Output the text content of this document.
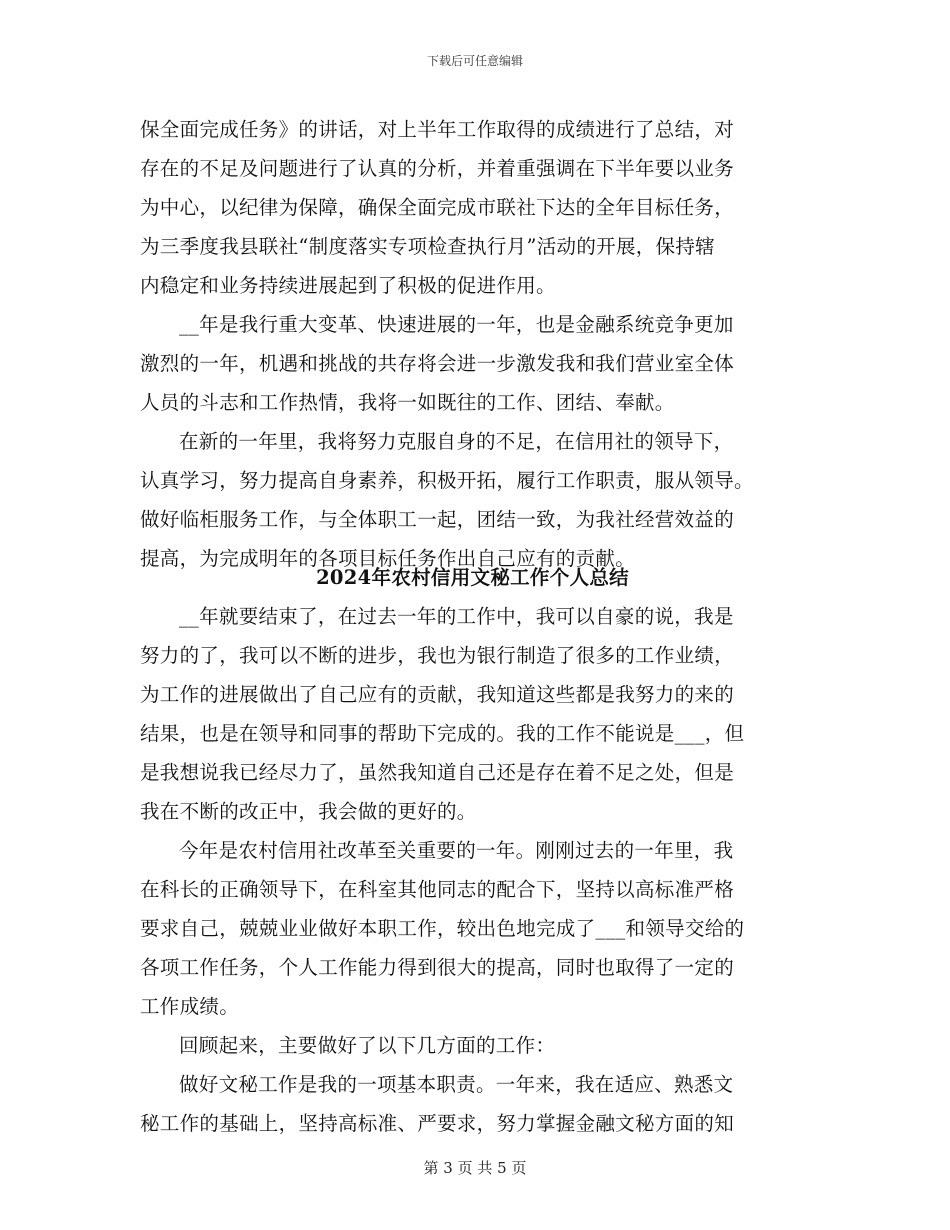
下载后可任意编辑

保全面完成任务》的讲话，对上半年工作取得的成绩进行了总结，对

存在的不足及问题进行了认真的分析，并着重强调在下半年要以业务

为中心，以纪律为保障，确保全面完成市联社下达的全年目标任务，

为三季度我县联社“制度落实专项检查执行月”活动的开展，保持辖

内稳定和业务持续进展起到了积极的促进作用。

__年是我行重大变革、快速进展的一年，也是金融系统竞争更加

激烈的一年，机遇和挑战的共存将会进一步激发我和我们营业室全体

人员的斗志和工作热情，我将一如既往的工作、团结、奉献。

在新的一年里，我将努力克服自身的不足，在信用社的领导下，

认真学习，努力提高自身素养，积极开拓，履行工作职责，服从领导。

做好临柜服务工作，与全体职工一起，团结一致，为我社经营效益的

提高，为完成明年的各项目标任务作出自己应有的贡献。

2024年农村信用文秘工作个人总结

__年就要结束了，在过去一年的工作中，我可以自豪的说，我是

努力的了，我可以不断的进步，我也为银行制造了很多的工作业绩，

为工作的进展做出了自己应有的贡献，我知道这些都是我努力的来的

结果，也是在领导和同事的帮助下完成的。我的工作不能说是___，但

是我想说我已经尽力了，虽然我知道自己还是存在着不足之处，但是

我在不断的改正中，我会做的更好的。

今年是农村信用社改革至关重要的一年。刚刚过去的一年里，我

在科长的正确领导下，在科室其他同志的配合下，坚持以高标准严格

要求自己，兢兢业业做好本职工作，较出色地完成了___和领导交给的

各项工作任务，个人工作能力得到很大的提高，同时也取得了一定的

工作成绩。

回顾起来，主要做好了以下几方面的工作：

做好文秘工作是我的一项基本职责。一年来，我在适应、熟悉文

秘工作的基础上，坚持高标准、严要求，努力掌握金融文秘方面的知

第 3 页 共 5 页
